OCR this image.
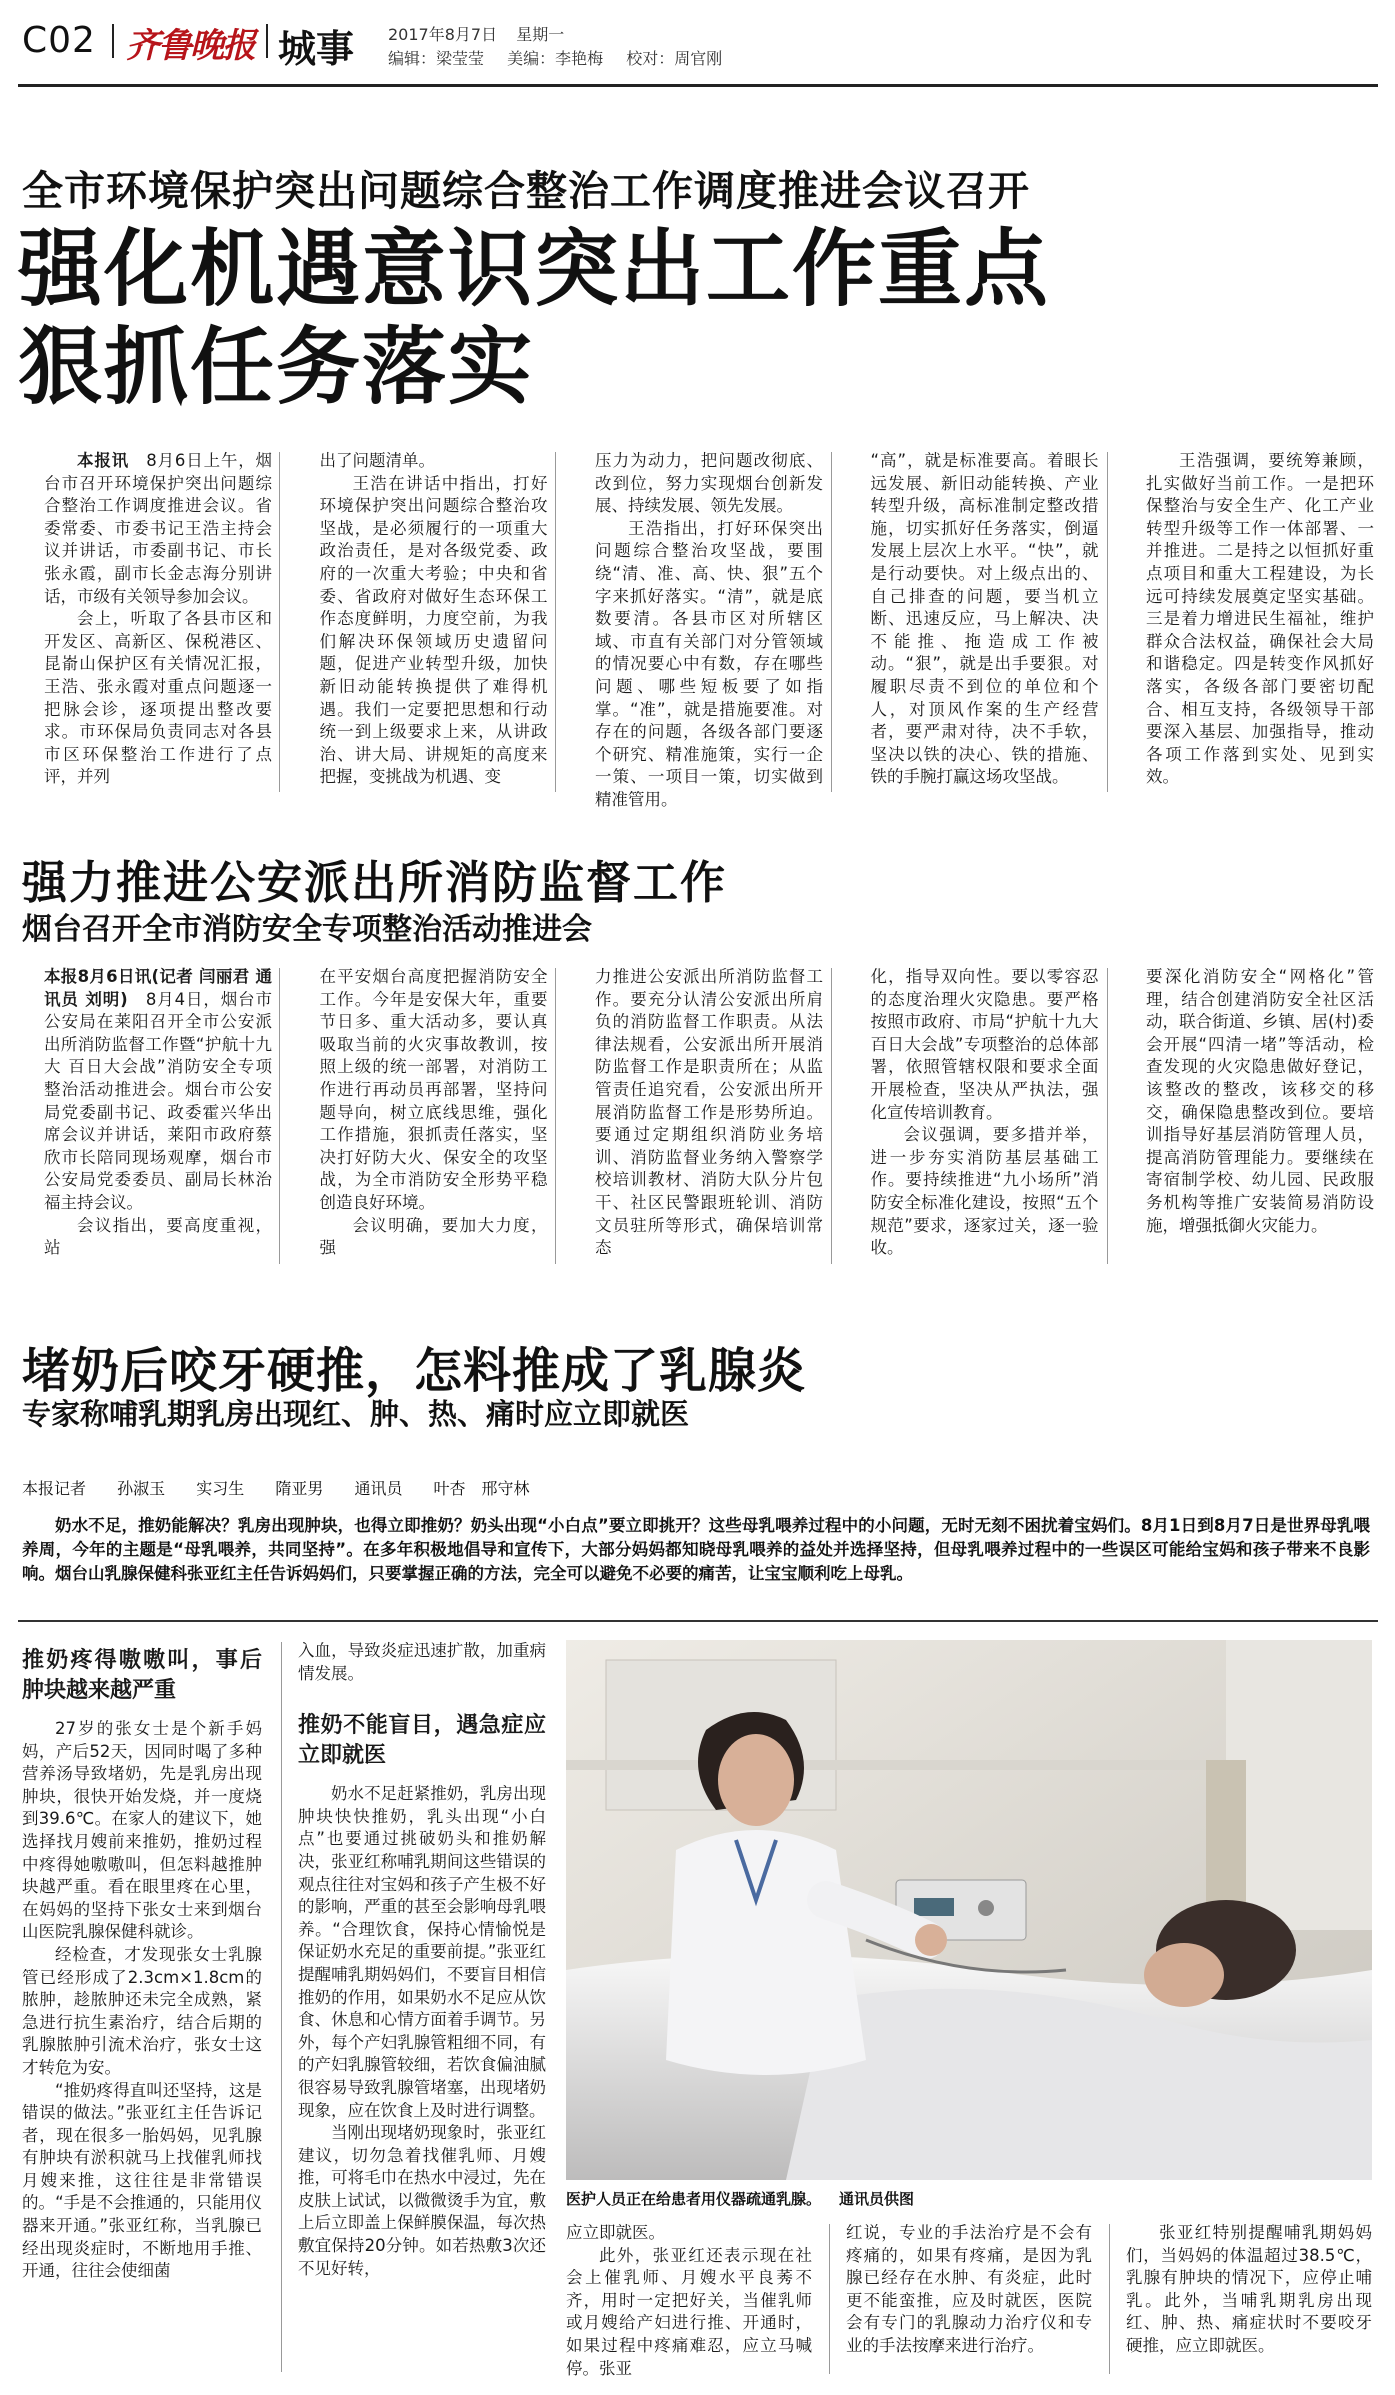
C02 齐鲁晚报 城事 2017年8月7日 星期一
编辑：梁莹莹 美编：李艳梅 校对：周官刚
全市环境保护突出问题综合整治工作调度推进会议召开
强化机遇意识突出工作重点
狠抓任务落实

本报讯　 8月6日上午，烟台市召开环境保护突出问题综合整治工作调度推进会议。省委常委、市委书记王浩主持会议并讲话，市委副书记、市长张永霞，副市长金志海分别讲话，市级有关领导参加会议。

会上，听取了各县市区和开发区、高新区、保税港区、昆嵛山保护区有关情况汇报，王浩、张永霞对重点问题逐一把脉会诊，逐项提出整改要求。市环保局负责同志对各县市区环保整治工作进行了点评，并列

出了问题清单。

王浩在讲话中指出，打好环境保护突出问题综合整治攻坚战，是必须履行的一项重大政治责任，是对各级党委、政府的一次重大考验；中央和省委、省政府对做好生态环保工作态度鲜明，力度空前，为我们解决环保领域历史遗留问题，促进产业转型升级，加快新旧动能转换提供了难得机遇。我们一定要把思想和行动统一到上级要求上来，从讲政治、讲大局、讲规矩的高度来把握，变挑战为机遇、变

压力为动力，把问题改彻底、改到位，努力实现烟台创新发展、持续发展、领先发展。

王浩指出，打好环保突出问题综合整治攻坚战，要围绕“清、准、高、快、狠”五个字来抓好落实。“清”，就是底数要清。各县市区对所辖区域、市直有关部门对分管领域的情况要心中有数，存在哪些问题、哪些短板要了如指掌。“准”，就是措施要准。对存在的问题，各级各部门要逐个研究、精准施策，实行一企一策、一项目一策，切实做到精准管用。

“高”，就是标准要高。着眼长远发展、新旧动能转换、产业转型升级，高标准制定整改措施，切实抓好任务落实，倒逼发展上层次上水平。“快”，就是行动要快。对上级点出的、自己排查的问题，要当机立断、迅速反应，马上解决、决不能推、拖造成工作被动。“狠”，就是出手要狠。对履职尽责不到位的单位和个人，对顶风作案的生产经营者，要严肃对待，决不手软，坚决以铁的决心、铁的措施、铁的手腕打赢这场攻坚战。

王浩强调，要统筹兼顾，扎实做好当前工作。一是把环保整治与安全生产、化工产业转型升级等工作一体部署、一并推进。二是持之以恒抓好重点项目和重大工程建设，为长远可持续发展奠定坚实基础。三是着力增进民生福祉，维护群众合法权益，确保社会大局和谐稳定。四是转变作风抓好落实，各级各部门要密切配合、相互支持，各级领导干部要深入基层、加强指导，推动各项工作落到实处、见到实效。

强力推进公安派出所消防监督工作
烟台召开全市消防安全专项整治活动推进会

本报8月6日讯(记者 闫丽君 通讯员 刘明)　 8月4日，烟台市公安局在莱阳召开全市公安派出所消防监督工作暨“护航十九大 百日大会战”消防安全专项整治活动推进会。烟台市公安局党委副书记、政委霍兴华出席会议并讲话，莱阳市政府蔡欣市长陪同现场观摩，烟台市公安局党委委员、副局长林治福主持会议。

会议指出，要高度重视，站

在平安烟台高度把握消防安全工作。今年是安保大年，重要节日多、重大活动多，要认真吸取当前的火灾事故教训，按照上级的统一部署，对消防工作进行再动员再部署，坚持问题导向，树立底线思维，强化工作措施，狠抓责任落实，坚决打好防大火、保安全的攻坚战，为全市消防安全形势平稳创造良好环境。

会议明确，要加大力度，强

力推进公安派出所消防监督工作。要充分认清公安派出所肩负的消防监督工作职责。从法律法规看，公安派出所开展消防监督工作是职责所在；从监管责任追究看，公安派出所开展消防监督工作是形势所迫。要通过定期组织消防业务培训、消防监督业务纳入警察学校培训教材、消防大队分片包干、社区民警跟班轮训、消防文员驻所等形式，确保培训常态

化，指导双向性。要以零容忍的态度治理火灾隐患。要严格按照市政府、市局“护航十九大 百日大会战”专项整治的总体部署，依照管辖权限和要求全面开展检查，坚决从严执法，强化宣传培训教育。

会议强调，要多措并举，进一步夯实消防基层基础工作。要持续推进“九小场所”消防安全标准化建设，按照“五个规范”要求，逐家过关，逐一验收。

要深化消防安全“网格化”管理，结合创建消防安全社区活动，联合街道、乡镇、居(村)委会开展“四清一堵”等活动，检查发现的火灾隐患做好登记，该整改的整改，该移交的移交，确保隐患整改到位。要培训指导好基层消防管理人员，提高消防管理能力。要继续在寄宿制学校、幼儿园、民政服务机构等推广安装简易消防设施，增强抵御火灾能力。

堵奶后咬牙硬推，怎料推成了乳腺炎
专家称哺乳期乳房出现红、肿、热、痛时应立即就医
本报记者 孙淑玉 实习生 隋亚男 通讯员 叶杏　邢守林

奶水不足，推奶能解决？乳房出现肿块，也得立即推奶？奶头出现“小白点”要立即挑开？这些母乳喂养过程中的小问题，无时无刻不困扰着宝妈们。8月1日到8月7日是世界母乳喂养周，今年的主题是“母乳喂养，共同坚持”。在多年积极地倡导和宣传下，大部分妈妈都知晓母乳喂养的益处并选择坚持，但母乳喂养过程中的一些误区可能给宝妈和孩子带来不良影响。烟台山乳腺保健科张亚红主任告诉妈妈们，只要掌握正确的方法，完全可以避免不必要的痛苦，让宝宝顺利吃上母乳。

推奶疼得嗷嗷叫，事后肿块越来越严重

27岁的张女士是个新手妈妈，产后52天，因同时喝了多种营养汤导致堵奶，先是乳房出现肿块，很快开始发烧，并一度烧到39.6℃。在家人的建议下，她选择找月嫂前来推奶，推奶过程中疼得她嗷嗷叫，但怎料越推肿块越严重。看在眼里疼在心里，在妈妈的坚持下张女士来到烟台山医院乳腺保健科就诊。

经检查，才发现张女士乳腺管已经形成了2.3cm×1.8cm的脓肿，趁脓肿还未完全成熟，紧急进行抗生素治疗，结合后期的乳腺脓肿引流术治疗，张女士这才转危为安。

“推奶疼得直叫还坚持，这是错误的做法。”张亚红主任告诉记者，现在很多一胎妈妈，见乳腺有肿块有淤积就马上找催乳师找月嫂来推，这往往是非常错误的。“手是不会推通的，只能用仪器来开通。”张亚红称，当乳腺已经出现炎症时，不断地用手推、开通，往往会使细菌

入血，导致炎症迅速扩散，加重病情发展。

推奶不能盲目，遇急症应立即就医

奶水不足赶紧推奶，乳房出现肿块快快推奶，乳头出现“小白点”也要通过挑破奶头和推奶解决，张亚红称哺乳期间这些错误的观点往往对宝妈和孩子产生极不好的影响，严重的甚至会影响母乳喂养。“合理饮食，保持心情愉悦是保证奶水充足的重要前提。”张亚红提醒哺乳期妈妈们，不要盲目相信推奶的作用，如果奶水不足应从饮食、休息和心情方面着手调节。另外，每个产妇乳腺管粗细不同，有的产妇乳腺管较细，若饮食偏油腻很容易导致乳腺管堵塞，出现堵奶现象，应在饮食上及时进行调整。

当刚出现堵奶现象时，张亚红建议，切勿急着找催乳师、月嫂推，可将毛巾在热水中浸过，先在皮肤上试试，以微微烫手为宜，敷上后立即盖上保鲜膜保温，每次热敷宜保持20分钟。如若热敷3次还不见好转，

医护人员正在给患者用仪器疏通乳腺。 通讯员供图

应立即就医。

此外，张亚红还表示现在社会上催乳师、月嫂水平良莠不齐，用时一定把好关，当催乳师或月嫂给产妇进行推、开通时，如果过程中疼痛难忍，应立马喊停。张亚

红说，专业的手法治疗是不会有疼痛的，如果有疼痛，是因为乳腺已经存在水肿、有炎症，此时更不能蛮推，应及时就医，医院会有专门的乳腺动力治疗仪和专业的手法按摩来进行治疗。

张亚红特别提醒哺乳期妈妈们，当妈妈的体温超过38.5℃，乳腺有肿块的情况下，应停止哺乳。此外，当哺乳期乳房出现红、肿、热、痛症状时不要咬牙硬推，应立即就医。
